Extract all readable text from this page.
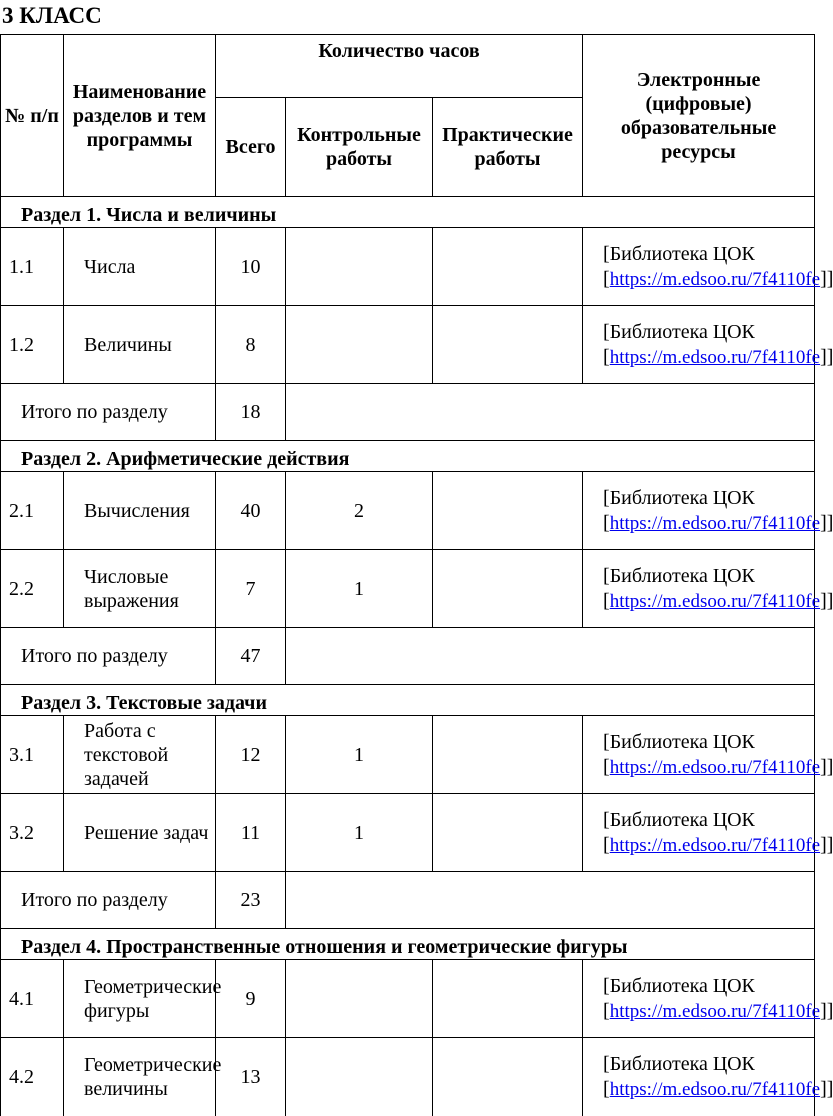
3 КЛАСС
№ п/п	Наименование разделов и тем программы	Количество часов			Электронные (цифровые) образовательные ресурсы
		Всего	Контрольные работы	Практические работы	
Раздел 1. Числа и величины					
1.1	Числа	10			[Библиотека ЦОК [https://m.edsoo.ru/7f4110fe]]
1.2	Величины	8			[Библиотека ЦОК [https://m.edsoo.ru/7f4110fe]]
Итого по разделу		18			
Раздел 2. Арифметические действия					
2.1	Вычисления	40	2		[Библиотека ЦОК [https://m.edsoo.ru/7f4110fe]]
2.2	Числовые выражения	7	1		[Библиотека ЦОК [https://m.edsoo.ru/7f4110fe]]
Итого по разделу		47			
Раздел 3. Текстовые задачи					
3.1	Работа с текстовой задачей	12	1		[Библиотека ЦОК [https://m.edsoo.ru/7f4110fe]]
3.2	Решение задач	11	1		[Библиотека ЦОК [https://m.edsoo.ru/7f4110fe]]
Итого по разделу		23			
Раздел 4. Пространственные отношения и геометрические фигуры					
4.1	Геометрические фигуры	9			[Библиотека ЦОК [https://m.edsoo.ru/7f4110fe]]
4.2	Геометрические величины	13			[Библиотека ЦОК [https://m.edsoo.ru/7f4110fe]]
